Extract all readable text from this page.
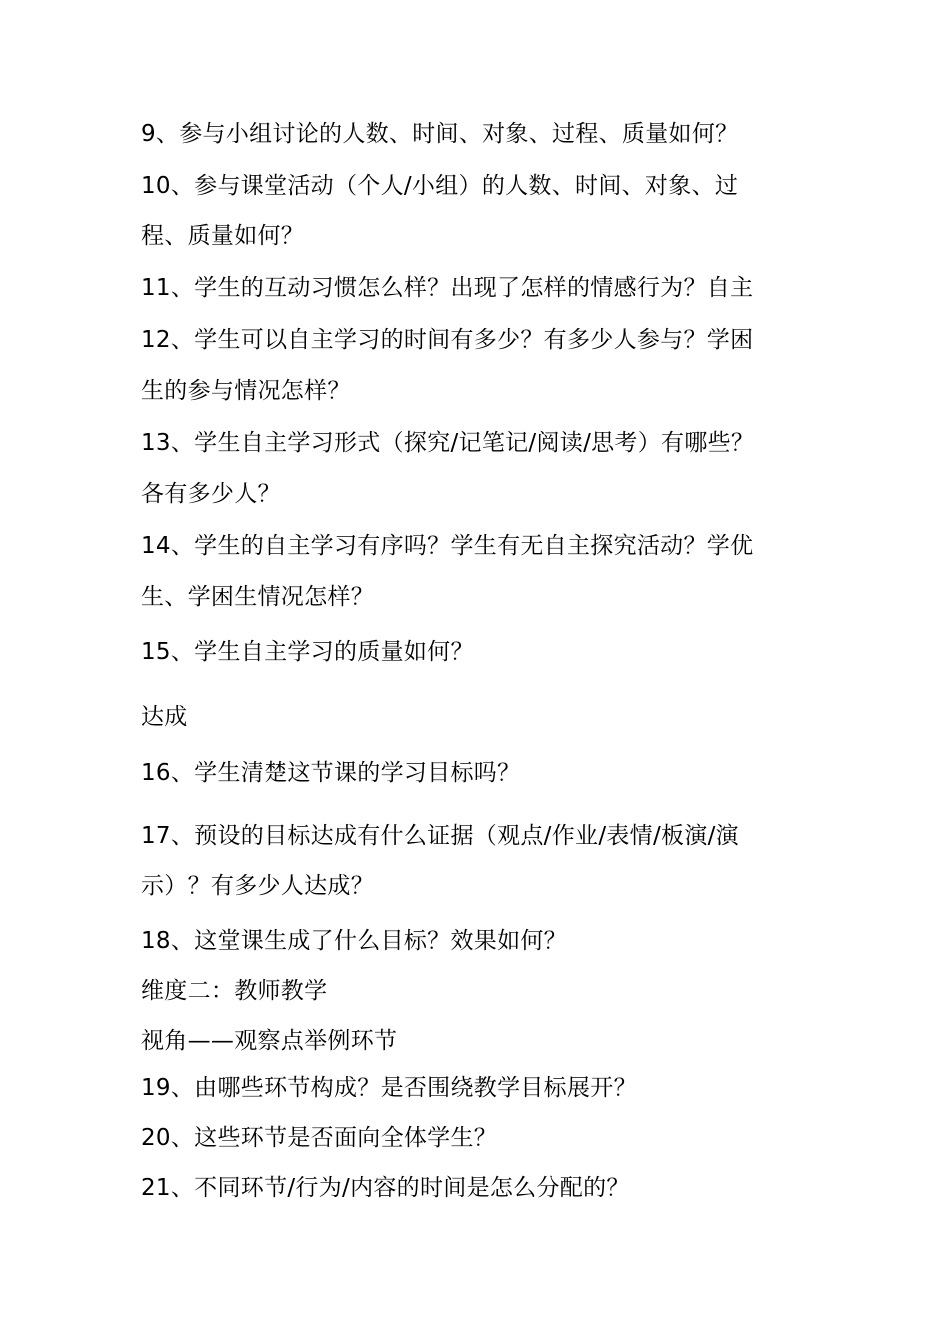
9、参与小组讨论的人数、时间、对象、过程、质量如何？
10、参与课堂活动（个人/小组）的人数、时间、对象、过
程、质量如何？
11、学生的互动习惯怎么样？出现了怎样的情感行为？自主
12、学生可以自主学习的时间有多少？有多少人参与？学困
生的参与情况怎样？
13、学生自主学习形式（探究/记笔记/阅读/思考）有哪些？
各有多少人？
14、学生的自主学习有序吗？学生有无自主探究活动？学优
生、学困生情况怎样？
15、学生自主学习的质量如何？
达成
16、学生清楚这节课的学习目标吗？
17、预设的目标达成有什么证据（观点/作业/表情/板演/演
示）？有多少人达成？
18、这堂课生成了什么目标？效果如何？
维度二：教师教学
视角——观察点举例环节
19、由哪些环节构成？是否围绕教学目标展开？
20、这些环节是否面向全体学生？
21、不同环节/行为/内容的时间是怎么分配的？
